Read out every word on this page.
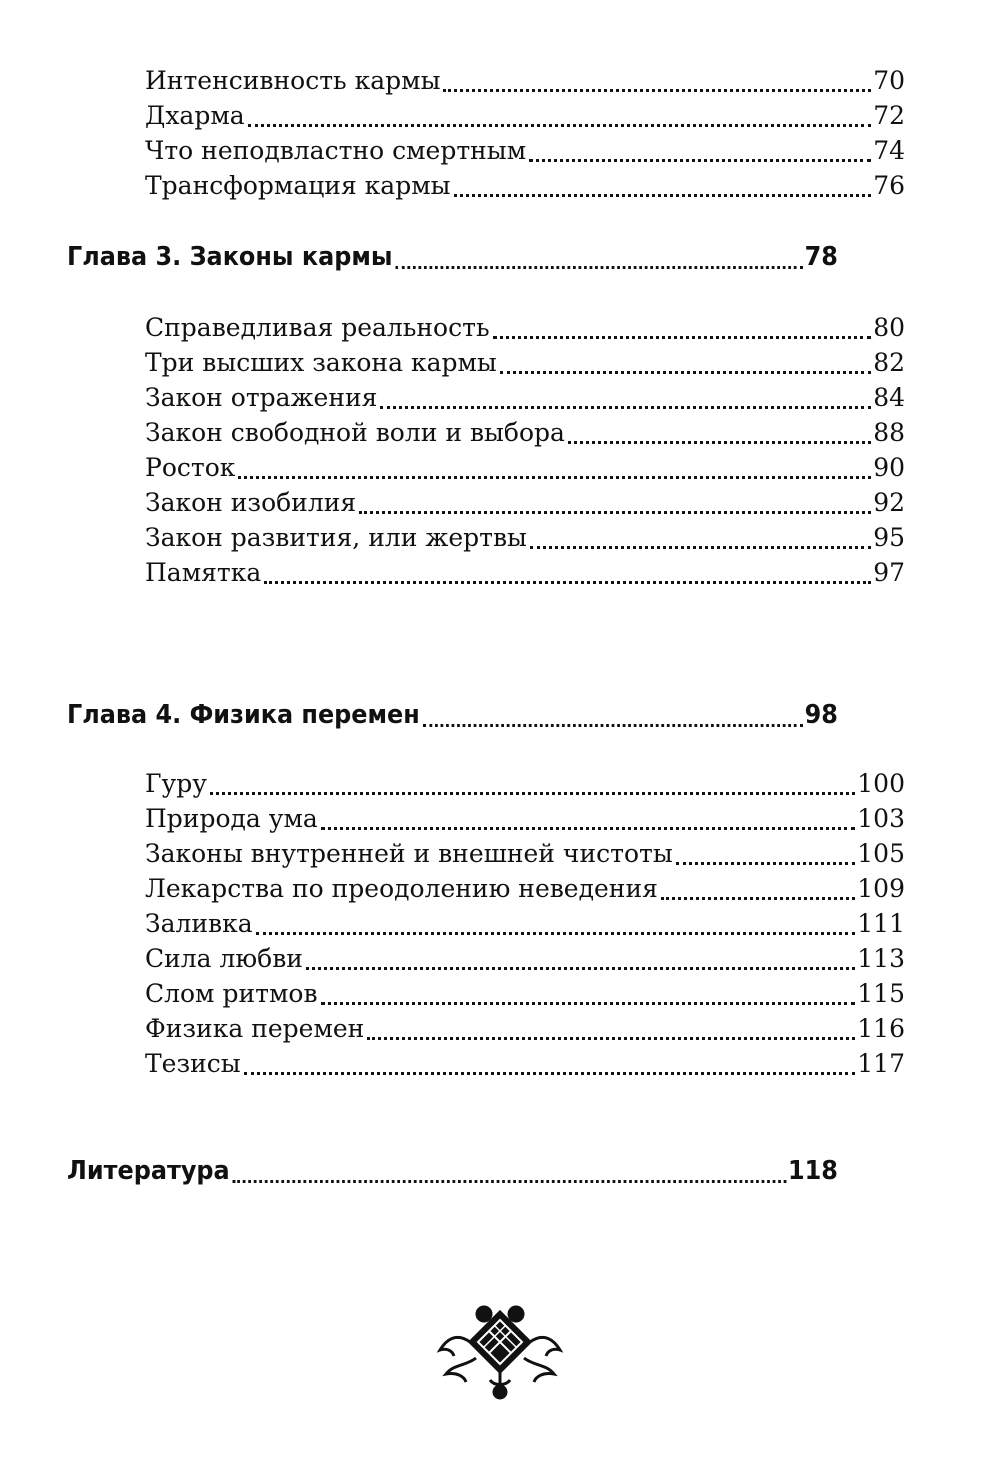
Интенсивность кармы	70
Дхарма	72
Что неподвластно смертным	74
Трансформация кармы	76
Глава 3. Законы кармы	78
Справедливая реальность	80
Три высших закона кармы	82
Закон отражения	84
Закон свободной воли и выбора	88
Росток	90
Закон изобилия	92
Закон развития, или жертвы	95
Памятка	97
Глава 4. Физика перемен	98
Гуру	100
Природа ума	103
Законы внутренней и внешней чистоты	105
Лекарства по преодолению неведения	109
Заливка	111
Сила любви	113
Слом ритмов	115
Физика перемен	116
Тезисы	117
Литература	118
